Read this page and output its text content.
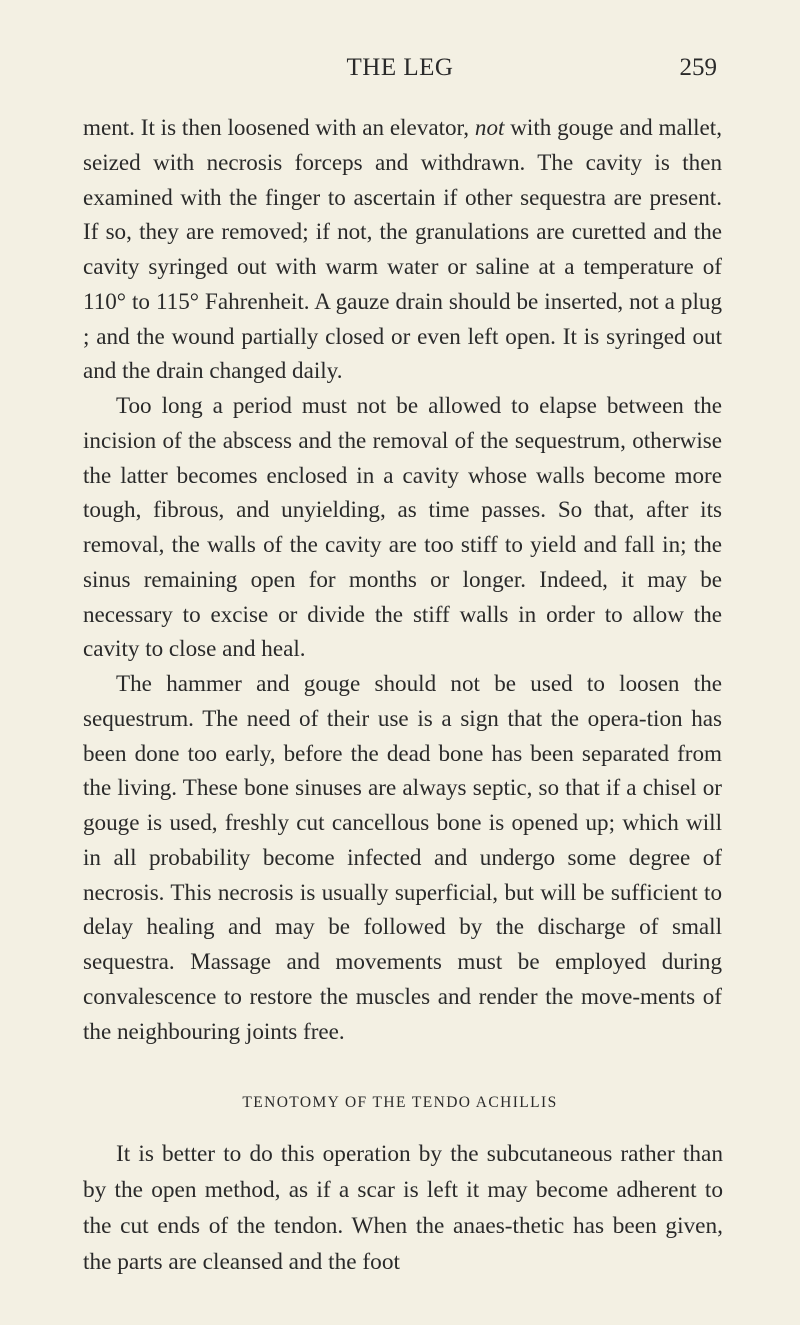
THE LEG	259

ment. It is then loosened with an elevator, not with gouge and mallet, seized with necrosis forceps and withdrawn. The cavity is then examined with the finger to ascertain if other sequestra are present. If so, they are removed; if not, the granulations are curetted and the cavity syringed out with warm water or saline at a temperature of 110° to 115° Fahrenheit. A gauze drain should be inserted, not a plug ; and the wound partially closed or even left open. It is syringed out and the drain changed daily.

Too long a period must not be allowed to elapse between the incision of the abscess and the removal of the sequestrum, otherwise the latter becomes enclosed in a cavity whose walls become more tough, fibrous, and unyielding, as time passes. So that, after its removal, the walls of the cavity are too stiff to yield and fall in; the sinus remaining open for months or longer. Indeed, it may be necessary to excise or divide the stiff walls in order to allow the cavity to close and heal.

The hammer and gouge should not be used to loosen the sequestrum. The need of their use is a sign that the opera-tion has been done too early, before the dead bone has been separated from the living. These bone sinuses are always septic, so that if a chisel or gouge is used, freshly cut cancellous bone is opened up; which will in all probability become infected and undergo some degree of necrosis. This necrosis is usually superficial, but will be sufficient to delay healing and may be followed by the discharge of small sequestra. Massage and movements must be employed during convalescence to restore the muscles and render the move-ments of the neighbouring joints free.

TENOTOMY OF THE TENDO ACHILLIS

It is better to do this operation by the subcutaneous rather than by the open method, as if a scar is left it may become adherent to the cut ends of the tendon. When the anaes-thetic has been given, the parts are cleansed and the foot
